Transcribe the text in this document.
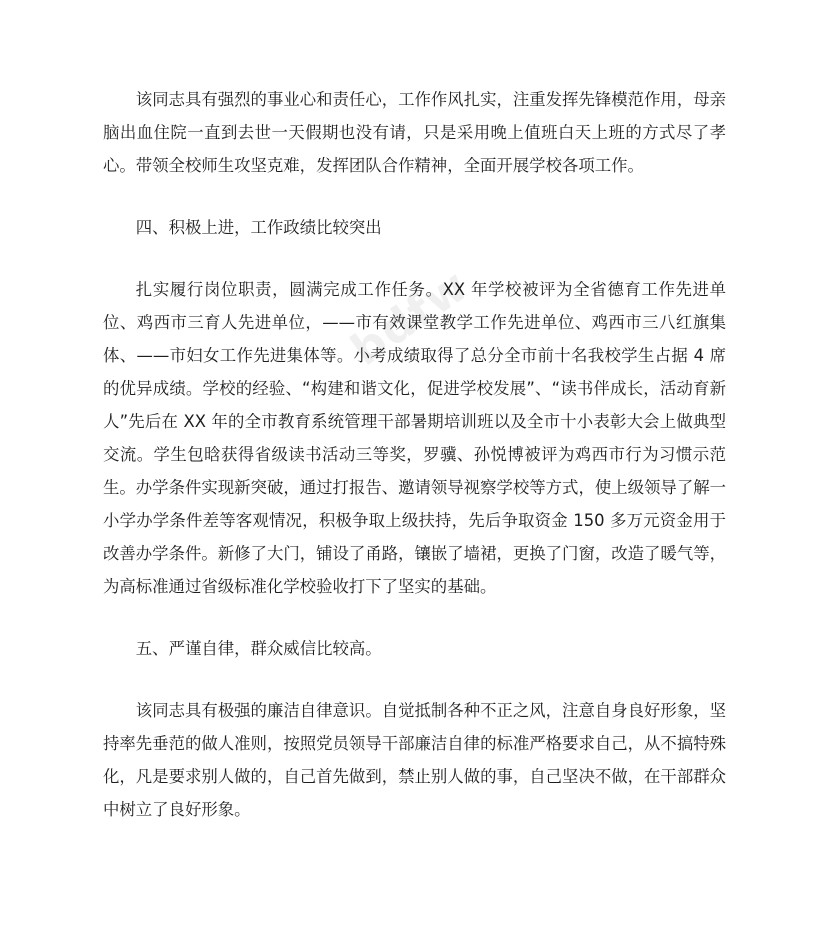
bdfw

该同志具有强烈的事业心和责任心，工作作风扎实，注重发挥先锋模范作用，母亲脑出血住院一直到去世一天假期也没有请，只是采用晚上值班白天上班的方式尽了孝心。带领全校师生攻坚克难，发挥团队合作精神，全面开展学校各项工作。

四、积极上进，工作政绩比较突出

扎实履行岗位职责，圆满完成工作任务。XX 年学校被评为全省德育工作先进单位、鸡西市三育人先进单位，——市有效课堂教学工作先进单位、鸡西市三八红旗集体、——市妇女工作先进集体等。小考成绩取得了总分全市前十名我校学生占据 4 席的优异成绩。学校的经验、“构建和谐文化，促进学校发展”、“读书伴成长，活动育新人”先后在 XX 年的全市教育系统管理干部暑期培训班以及全市十小表彰大会上做典型交流。学生包晗获得省级读书活动三等奖，罗骥、孙悦博被评为鸡西市行为习惯示范生。办学条件实现新突破，通过打报告、邀请领导视察学校等方式，使上级领导了解一小学办学条件差等客观情况，积极争取上级扶持，先后争取资金 150 多万元资金用于改善办学条件。新修了大门，铺设了甬路，镶嵌了墙裙，更换了门窗，改造了暖气等，为高标准通过省级标准化学校验收打下了坚实的基础。

五、严谨自律，群众威信比较高。

该同志具有极强的廉洁自律意识。自觉抵制各种不正之风，注意自身良好形象，坚持率先垂范的做人准则，按照党员领导干部廉洁自律的标准严格要求自己，从不搞特殊化，凡是要求别人做的，自己首先做到，禁止别人做的事，自己坚决不做，在干部群众中树立了良好形象。
